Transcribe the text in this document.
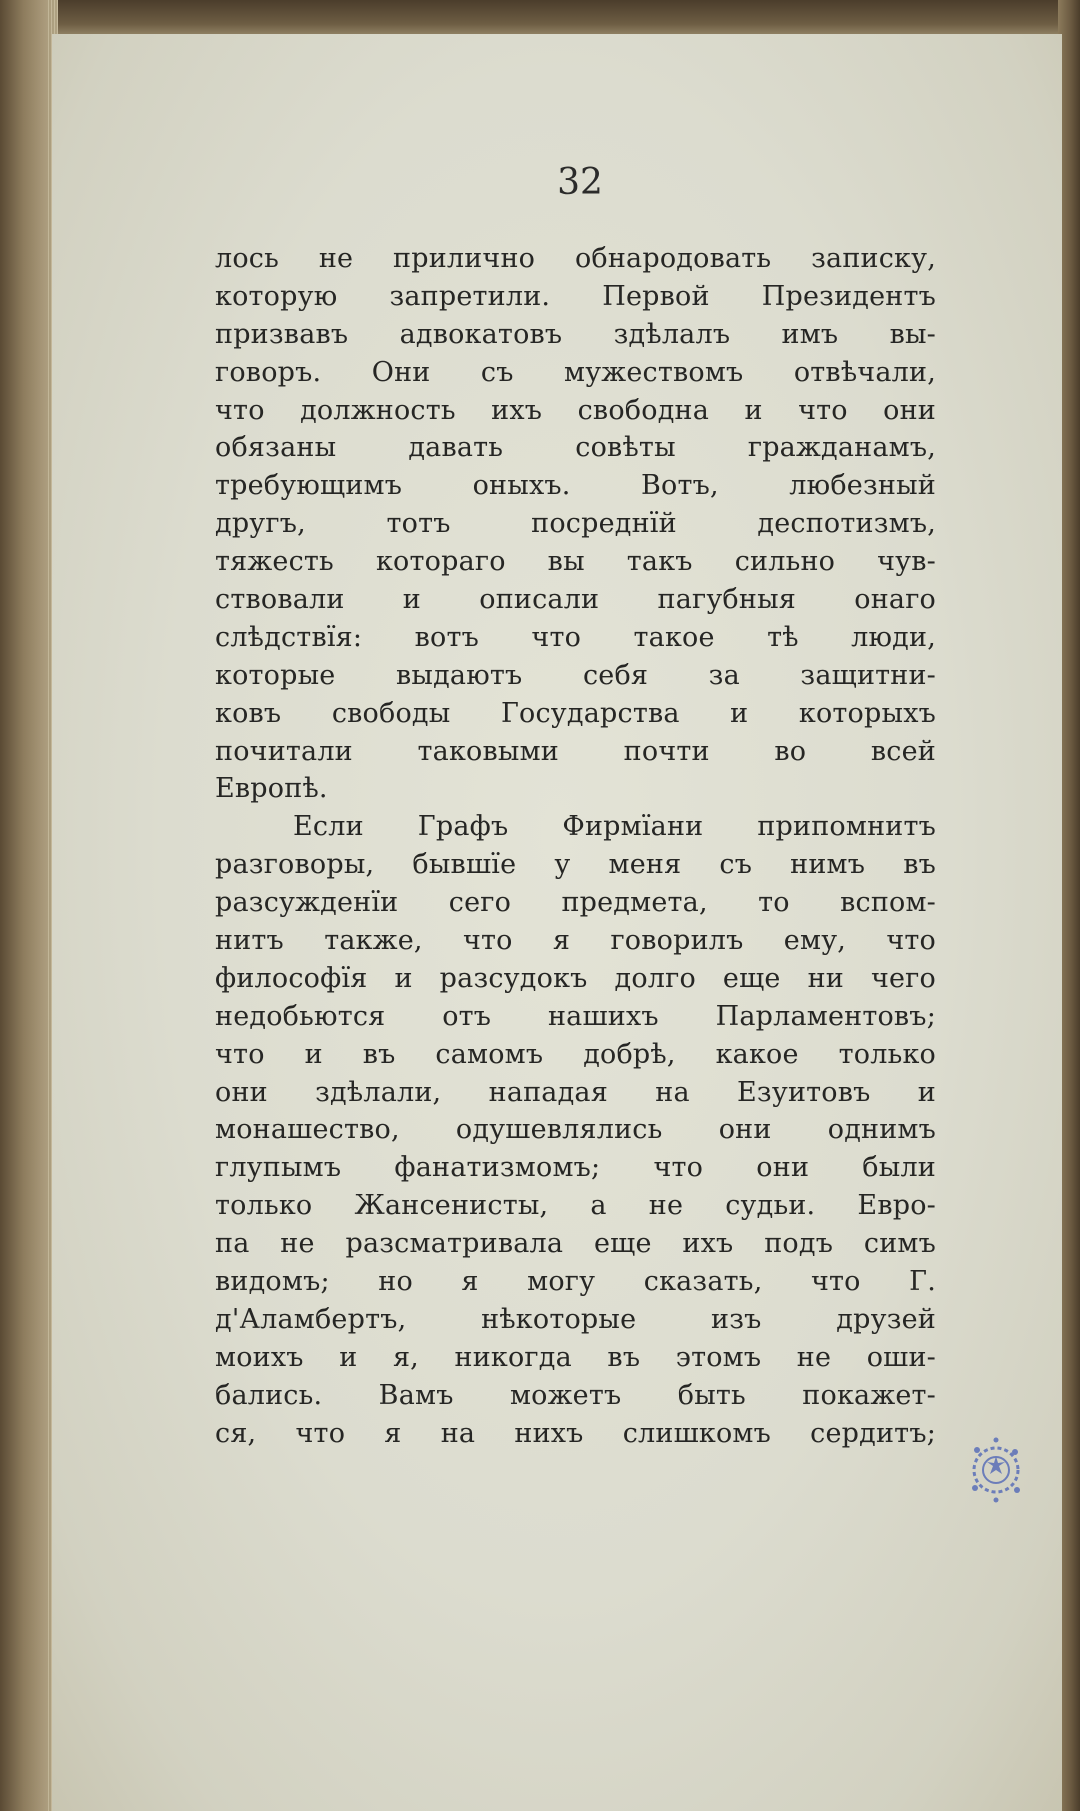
32

лось не прилично обнародовать записку,
которую запретили. Первой Президентъ
призвавъ адвокатовъ здѣлалъ имъ вы-
говоръ. Они съ мужествомъ отвѣчали,
что должность ихъ свободна и что они
обязаны давать совѣты гражданамъ,
требующимъ оныхъ. Вотъ, любезный
другъ, тотъ посреднїй деспотизмъ,
тяжесть котораго вы такъ сильно чув-
ствовали и описали пагубныя онаго
слѣдствїя: вотъ что такое тѣ люди,
которые выдаютъ себя за защитни-
ковъ свободы Государства и которыхъ
почитали таковыми почти во всей
Европѣ.
Если Графъ Фирмїани припомнитъ
разговоры, бывшїе у меня съ нимъ въ
разсужденїи сего предмета, то вспом-
нитъ также, что я говорилъ ему, что
философїя и разсудокъ долго еще ни чего
недобьются отъ нашихъ Парламентовъ;
что и въ самомъ добрѣ, какое только
они здѣлали, нападая на Езуитовъ и
монашество, одушевлялись они однимъ
глупымъ фанатизмомъ; что они были
только Жансенисты, а не судьи. Евро-
па не разсматривала еще ихъ подъ симъ
видомъ; но я могу сказать, что Г.
д'Аламбертъ, нѣкоторые изъ друзей
моихъ и я, никогда въ этомъ не оши-
бались. Вамъ можетъ быть покажет-
ся, что я на нихъ слишкомъ сердитъ;
